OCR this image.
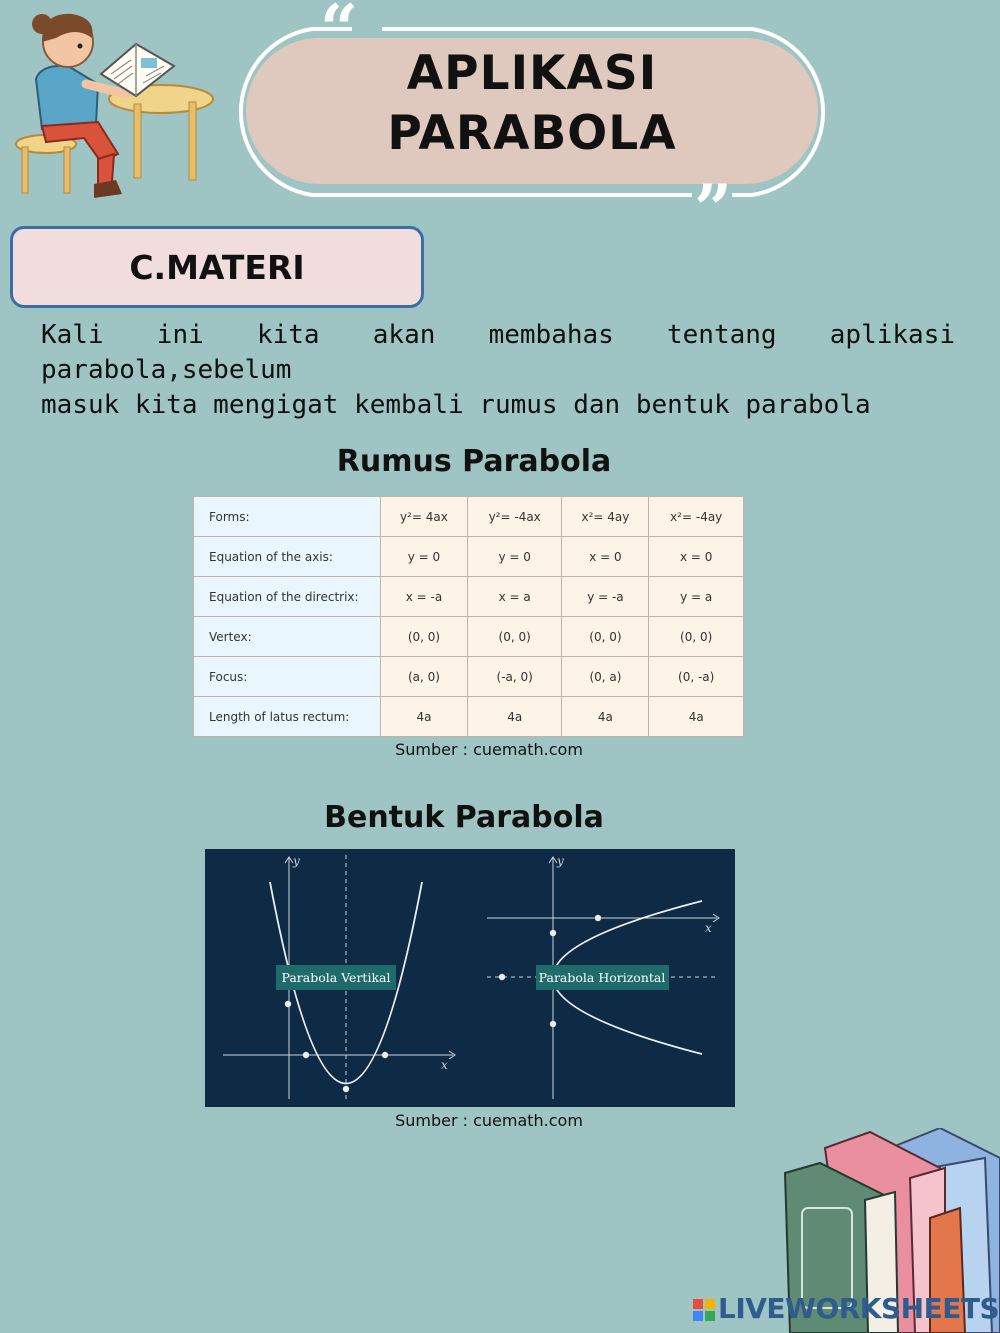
“
”
APLIKASI
PARABOLA
C.MATERI
Kali ini kita akan membahas tentang aplikasi parabola,sebelum
masuk kita mengigat kembali rumus dan bentuk parabola
Rumus Parabola
Forms:	y²= 4ax	y²= -4ax	x²= 4ay	x²= -4ay
Equation of the axis:	y = 0	y = 0	x = 0	x = 0
Equation of the directrix:	x = -a	x = a	y = -a	y = a
Vertex:	(0, 0)	(0, 0)	(0, 0)	(0, 0)
Focus:	(a, 0)	(-a, 0)	(0, a)	(0, -a)
Length of latus rectum:	4a	4a	4a	4a
Sumber : cuemath.com
Bentuk Parabola
y
x
Parabola Vertikal
y
x
Parabola Horizontal
Sumber : cuemath.com
LIVEWORKSHEETS
